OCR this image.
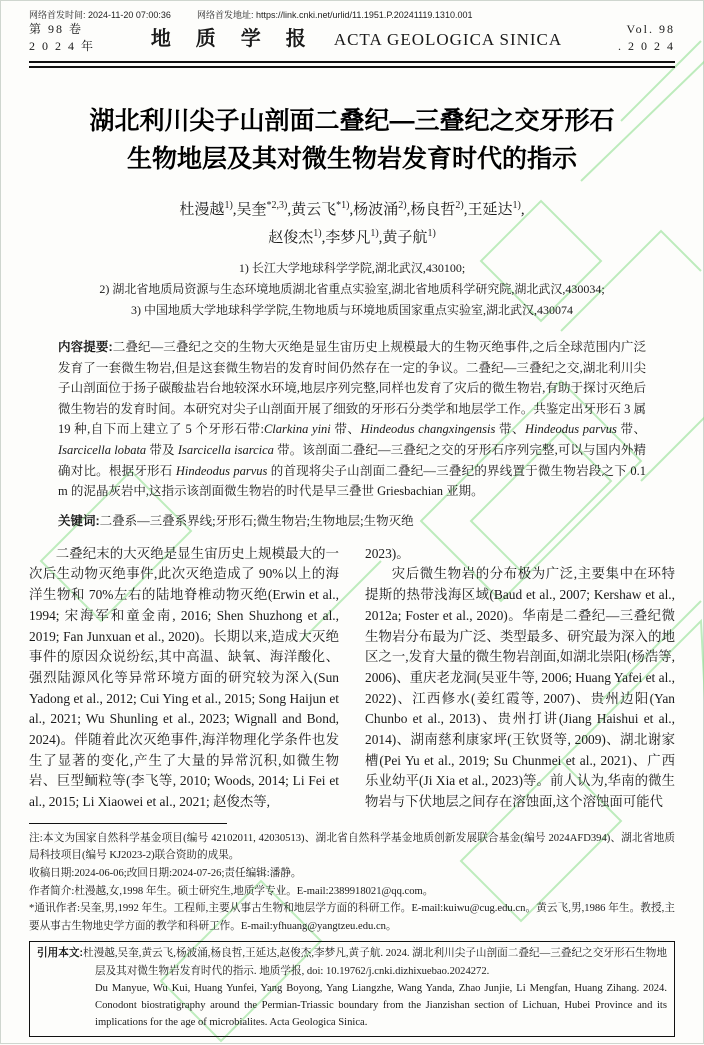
网络首发时间: 2024-11-20 07:00:36	网络首发地址: https://link.cnki.net/urlid/11.1951.P.20241119.1310.001
第 98 卷
2 0 2 4 年	地 质 学 报 ACTA GEOLOGICA SINICA
Vol. 98
. 2 0 2 4
湖北利川尖子山剖面二叠纪—三叠纪之交牙形石
生物地层及其对微生物岩发育时代的指示
杜漫越$^{1)}$,吴奎$^{*2,3)}$,黄云飞$^{*1)}$,杨波涌$^{2)}$,杨良哲$^{2)}$,王延达$^{1)}$,
赵俊杰$^{1)}$,李梦凡$^{1)}$,黄子航$^{1)}$
1) 长江大学地球科学学院,湖北武汉,430100;
2) 湖北省地质局资源与生态环境地质湖北省重点实验室,湖北省地质科学研究院,湖北武汉,430034;
3) 中国地质大学地球科学学院,生物地质与环境地质国家重点实验室,湖北武汉,430074
内容提要:二叠纪—三叠纪之交的生物大灭绝是显生宙历史上规模最大的生物灭绝事件,之后全球范围内广泛发育了一套微生物岩,但是这套微生物岩的发育时间仍然存在一定的争议。二叠纪—三叠纪之交,湖北利川尖子山剖面位于扬子碳酸盐岩台地较深水环境,地层序列完整,同样也发育了灾后的微生物岩,有助于探讨灭绝后微生物岩的发育时间。本研究对尖子山剖面开展了细致的牙形石分类学和地层学工作。共鉴定出牙形石 3 属 19 种,自下而上建立了 5 个牙形石带:Clarkina yini 带、Hindeodus changxingensis 带、Hindeodus parvus 带、Isarcicella lobata 带及 Isarcicella isarcica 带。该剖面二叠纪—三叠纪之交的牙形石序列完整,可以与国内外精确对比。根据牙形石 Hindeodus parvus 的首现将尖子山剖面二叠纪—三叠纪的界线置于微生物岩段之下 0.1 m 的泥晶灰岩中,这指示该剖面微生物岩的时代是早三叠世 Griesbachian 亚期。
关键词:二叠系—三叠系界线;牙形石;微生物岩;生物地层;生物灭绝

二叠纪末的大灭绝是显生宙历史上规模最大的一次后生动物灭绝事件,此次灭绝造成了 90%以上的海洋生物和 70%左右的陆地脊椎动物灭绝(Erwin et al., 1994; 宋海军和童金南, 2016; Shen Shuzhong et al., 2019; Fan Junxuan et al., 2020)。长期以来,造成大灭绝事件的原因众说纷纭,其中高温、缺氧、海洋酸化、强烈陆源风化等异常环境方面的研究较为深入(Sun Yadong et al., 2012; Cui Ying et al., 2015; Song Haijun et al., 2021; Wu Shunling et al., 2023; Wignall and Bond, 2024)。伴随着此次灭绝事件,海洋物理化学条件也发生了显著的变化,产生了大量的异常沉积,如微生物岩、巨型鲕粒等(李飞等, 2010; Woods, 2014; Li Fei et al., 2015; Li Xiaowei et al., 2021; 赵俊杰等,

2023)。

灾后微生物岩的分布极为广泛,主要集中在环特提斯的热带浅海区域(Baud et al., 2007; Kershaw et al., 2012a; Foster et al., 2020)。华南是二叠纪—三叠纪微生物岩分布最为广泛、类型最多、研究最为深入的地区之一,发育大量的微生物岩剖面,如湖北崇阳(杨浩等, 2006)、重庆老龙洞(吴亚牛等, 2006; Huang Yafei et al., 2022)、江西修水(姜红霞等, 2007)、贵州边阳(Yan Chunbo et al., 2013)、贵州打讲(Jiang Haishui et al., 2014)、湖南慈利康家坪(王钦贤等, 2009)、湖北谢家槽(Pei Yu et al., 2019; Su Chunmei et al., 2021)、广西乐业幼平(Ji Xia et al., 2023)等。前人认为,华南的微生物岩与下伏地层之间存在溶蚀面,这个溶蚀面可能代

注:本文为国家自然科学基金项目(编号 42102011, 42030513)、湖北省自然科学基金地质创新发展联合基金(编号 2024AFD394)、湖北省地质局科技项目(编号 KJ2023-2)联合资助的成果。

收稿日期:2024-06-06;改回日期:2024-07-26;责任编辑:潘静。

作者简介:杜漫越,女,1998 年生。硕士研究生,地质学专业。E-mail:2389918021@qq.com。

*通讯作者:吴奎,男,1992 年生。工程师,主要从事古生物和地层学方面的科研工作。E-mail:kuiwu@cug.edu.cn。黄云飞,男,1986 年生。教授,主要从事古生物地史学方面的教学和科研工作。E-mail:yfhuang@yangtzeu.edu.cn。

引用本文:杜漫越,吴奎,黄云飞,杨波涌,杨良哲,王延达,赵俊杰,李梦凡,黄子航. 2024. 湖北利川尖子山剖面二叠纪—三叠纪之交牙形石生物地层及其对微生物岩发育时代的指示. 地质学报, doi: 10.19762/j.cnki.dizhixuebao.2024272.

Du Manyue, Wu Kui, Huang Yunfei, Yang Boyong, Yang Liangzhe, Wang Yanda, Zhao Junjie, Li Mengfan, Huang Zihang. 2024. Conodont biostratigraphy around the Permian-Triassic boundary from the Jianzishan section of Lichuan, Hubei Province and its implications for the age of microbialites. Acta Geologica Sinica.
